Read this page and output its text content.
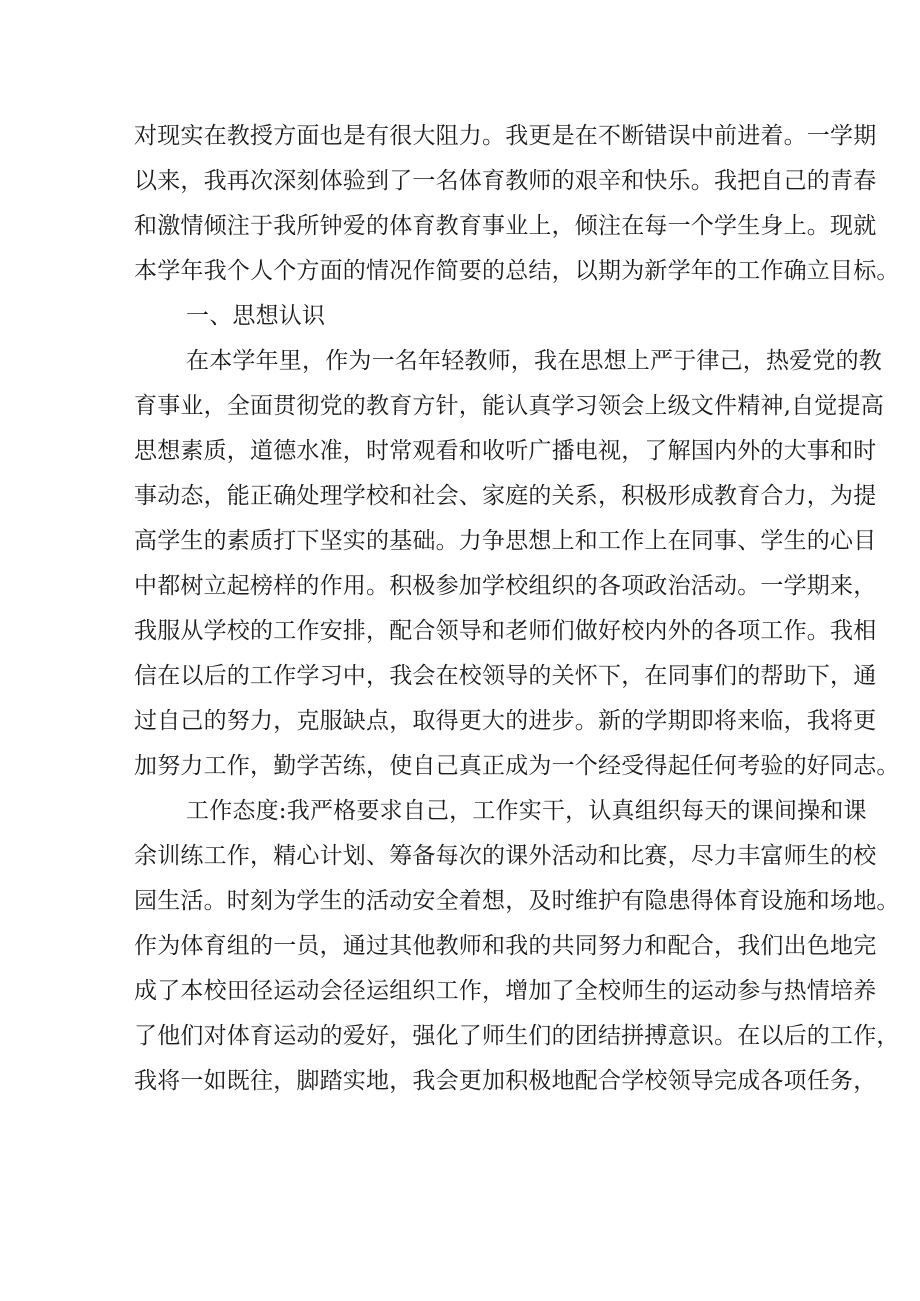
对现实在教授方面也是有很大阻力。我更是在不断错误中前进着。一学期
以来，我再次深刻体验到了一名体育教师的艰辛和快乐。我把自己的青春
和激情倾注于我所钟爱的体育教育事业上，倾注在每一个学生身上。现就
本学年我个人个方面的情况作简要的总结，以期为新学年的工作确立目标。
一、思想认识
在本学年里，作为一名年轻教师，我在思想上严于律己，热爱党的教
育事业，全面贯彻党的教育方针，能认真学习领会上级文件精神,自觉提高
思想素质，道德水准，时常观看和收听广播电视，了解国内外的大事和时
事动态，能正确处理学校和社会、家庭的关系，积极形成教育合力，为提
高学生的素质打下坚实的基础。力争思想上和工作上在同事、学生的心目
中都树立起榜样的作用。积极参加学校组织的各项政治活动。一学期来，
我服从学校的工作安排，配合领导和老师们做好校内外的各项工作。我相
信在以后的工作学习中，我会在校领导的关怀下，在同事们的帮助下，通
过自己的努力，克服缺点，取得更大的进步。新的学期即将来临，我将更
加努力工作，勤学苦练，使自己真正成为一个经受得起任何考验的好同志。
工作态度:我严格要求自己，工作实干，认真组织每天的课间操和课
余训练工作，精心计划、筹备每次的课外活动和比赛，尽力丰富师生的校
园生活。时刻为学生的活动安全着想，及时维护有隐患得体育设施和场地。
作为体育组的一员，通过其他教师和我的共同努力和配合，我们出色地完
成了本校田径运动会径运组织工作，增加了全校师生的运动参与热情培养
了他们对体育运动的爱好，强化了师生们的团结拼搏意识。在以后的工作，
我将一如既往，脚踏实地，我会更加积极地配合学校领导完成各项任务，
